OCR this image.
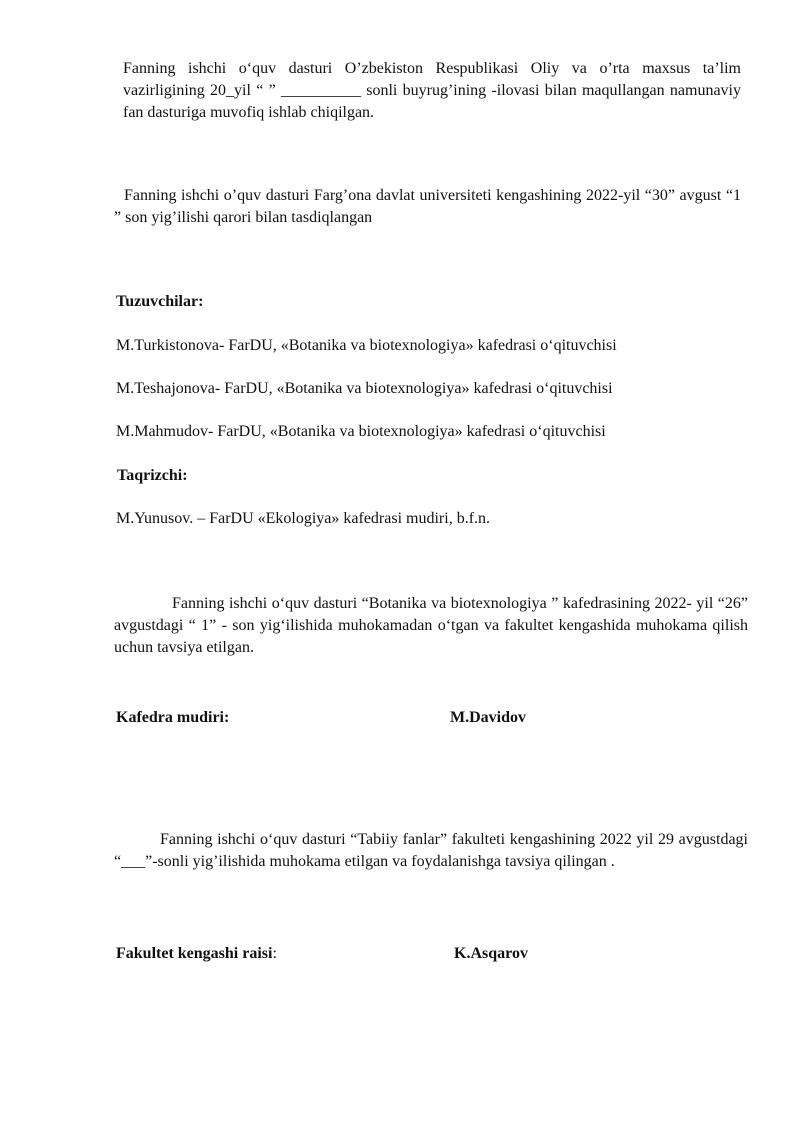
Fanning ishchi o‘quv dasturi O’zbekiston Respublikasi Oliy va o’rta maxsus ta’lim vazirligining 20_yil “ ” __________ sonli buyrug’ining -ilovasi bilan maqullangan namunaviy fan dasturiga muvofiq ishlab chiqilgan.

Fanning ishchi o’quv dasturi Farg’ona davlat universiteti kengashining 2022-yil “30” avgust “1 ” son yig’ilishi qarori bilan tasdiqlangan

Tuzuvchilar:

M.Turkistonova- FarDU, «Botanika va biotexnologiya» kafedrasi o‘qituvchisi

M.Teshajonova- FarDU, «Botanika va biotexnologiya» kafedrasi o‘qituvchisi

M.Mahmudov- FarDU, «Botanika va biotexnologiya» kafedrasi o‘qituvchisi

Taqrizchi:

M.Yunusov. – FarDU «Ekologiya» kafedrasi mudiri, b.f.n.

Fanning ishchi o‘quv dasturi “Botanika va biotexnologiya ” kafedrasining 2022- yil “26” avgustdagi “ 1” - son yig‘ilishida muhokamadan o‘tgan va fakultet kengashida muhokama qilish uchun tavsiya etilgan.

Kafedra mudiri:	M.Davidov

Fanning ishchi o‘quv dasturi “Tabiiy fanlar” fakulteti kengashining 2022 yil 29 avgustdagi “___”-sonli yig’ilishida muhokama etilgan va foydalanishga tavsiya qilingan .

Fakultet kengashi raisi:	K.Asqarov
